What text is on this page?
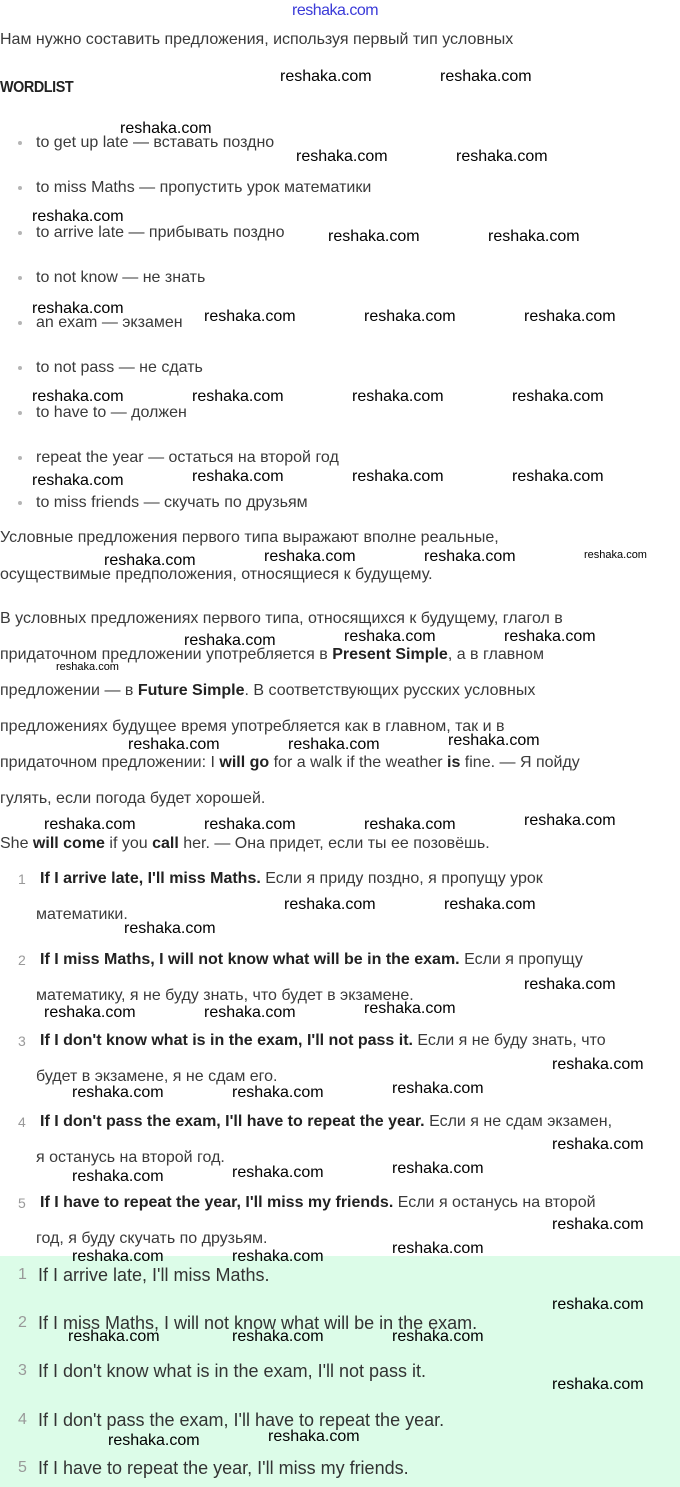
Нам нужно составить предложения, используя первый тип условных
WORDLIST
to get up late — вставать поздно
to miss Maths — пропустить урок математики
to arrive late — прибывать поздно
to not know — не знать
an exam — экзамен
to not pass — не сдать
to have to — должен
repeat the year — остаться на второй год
to miss friends — скучать по друзьям
Условные предложения первого типа выражают вполне реальные,
осуществимые предположения, относящиеся к будущему.
В условных предложениях первого типа, относящихся к будущему, глагол в
придаточном предложении употребляется в Present Simple, а в главном
предложении — в Future Simple. В соответствующих русских условных
предложениях будущее время употребляется как в главном, так и в
придаточном предложении: I will go for a walk if the weather is fine. — Я пойду
гулять, если погода будет хорошей.
She will come if you call her. — Она придет, если ты ее позовёшь.
1 If I arrive late, I'll miss Maths. Если я приду поздно, я пропущу урок
математики.
2 If I miss Maths, I will not know what will be in the exam. Если я пропущу
математику, я не буду знать, что будет в экзамене.
3 If I don't know what is in the exam, I'll not pass it. Если я не буду знать, что
будет в экзамене, я не сдам его.
4 If I don't pass the exam, I'll have to repeat the year. Если я не сдам экзамен,
я останусь на второй год.
5 If I have to repeat the year, I'll miss my friends. Если я останусь на второй
год, я буду скучать по друзьям.
1 If I arrive late, I'll miss Maths.
2 If I miss Maths, I will not know what will be in the exam.
3 If I don't know what is in the exam, I'll not pass it.
4 If I don't pass the exam, I'll have to repeat the year.
5 If I have to repeat the year, I'll miss my friends.
reshaka.com
reshaka.com	reshaka.com
reshaka.com
reshaka.com	reshaka.com
reshaka.com
reshaka.com	reshaka.com
reshaka.com	reshaka.com	reshaka.com	reshaka.com
reshaka.com	reshaka.com	reshaka.com	reshaka.com
reshaka.com	reshaka.com	reshaka.com	reshaka.com
reshaka.com	reshaka.com	reshaka.com	reshaka.com
reshaka.com	reshaka.com	reshaka.com
reshaka.com
reshaka.com	reshaka.com	reshaka.com
reshaka.com	reshaka.com	reshaka.com	reshaka.com
reshaka.com	reshaka.com
reshaka.com
reshaka.com
reshaka.com	reshaka.com	reshaka.com
reshaka.com
reshaka.com	reshaka.com	reshaka.com
reshaka.com
reshaka.com	reshaka.com	reshaka.com
reshaka.com
reshaka.com	reshaka.com	reshaka.com
reshaka.com
reshaka.com	reshaka.com	reshaka.com
reshaka.com
reshaka.com	reshaka.com
